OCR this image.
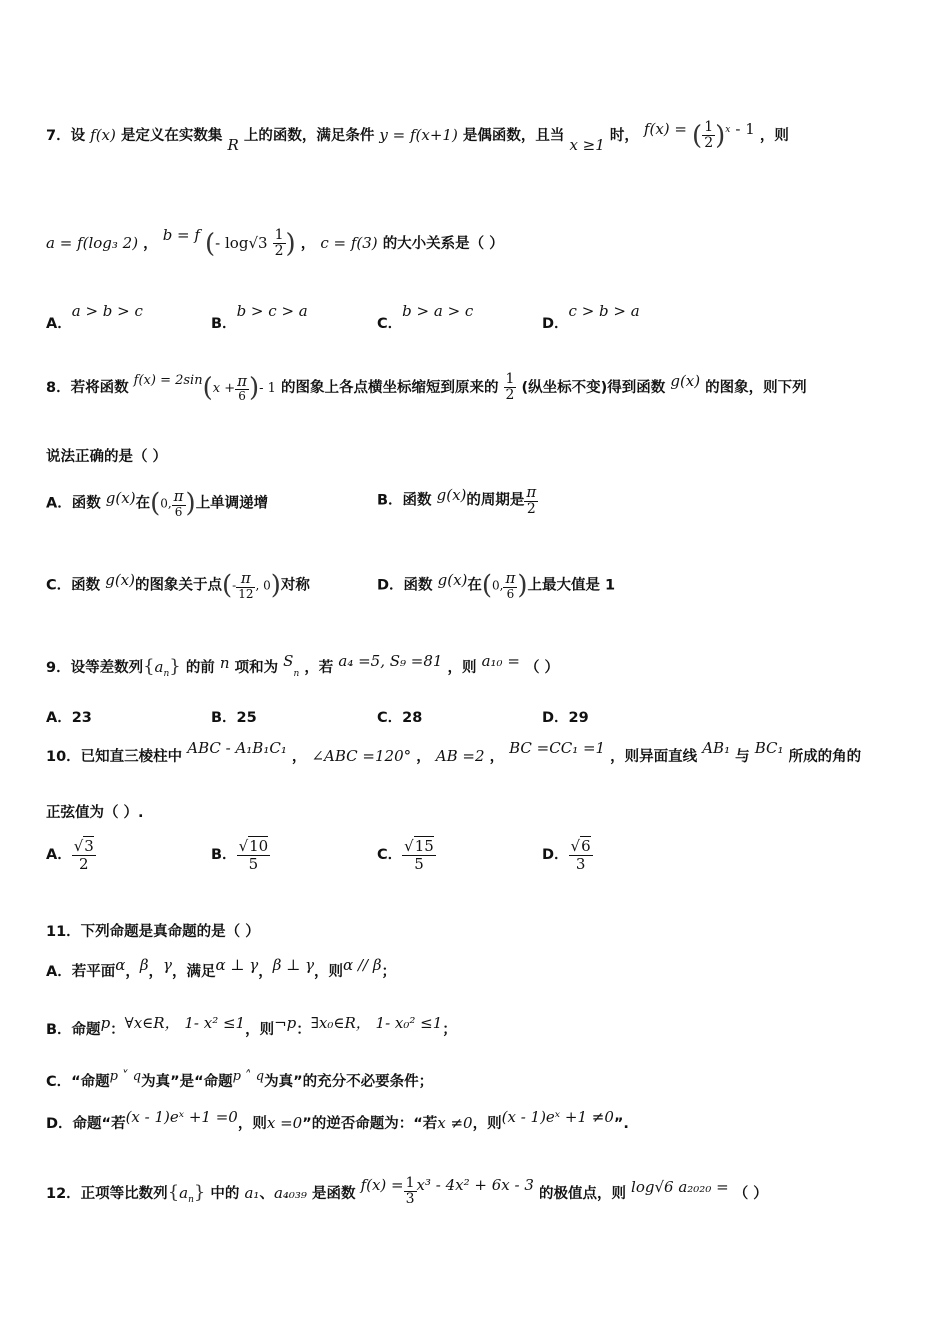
7．设 f(x) 是定义在实数集 R 上的函数，满足条件 y = f(x+1) 是偶函数，且当 x ≥1 时， f(x) = ( $\frac{1}{2} )^x - 1$ ，则
a = f(log₃ 2) ， b = f (- $\log√3 \frac{1}{2}$ ) ， c = f(3) 的大小关系是（ ）
A．a > b > c
B．b > c > a
C．b > a > c
D．c > b > a
8．若将函数 $f(x) = 2\sin(x + \frac{\pi}{6}$ )- 1 的图象上各点横坐标缩短到原来的 $\frac{1}{2}$ (纵坐标不变)得到函数 g(x) 的图象，则下列
说法正确的是（ ）
A．函数 g(x)在(0, $\frac{\pi}{6}$ )上单调递增	B．函数 g(x)的周期是 $\frac{\pi}{2}$
C．函数 g(x)的图象关于点(- $\frac{\pi}{12}$ , 0)对称	D．函数 g(x)在(0, $\frac{\pi}{6}$ )上最大值是 1
9．设等差数列$\{a_n\}$ 的前 n 项和为 $S_n$ ，若 a₄ =5, S₉ =81 ，则 a₁₀ = （ ）
A．23	B．25	C．28	D．29
10．已知直三棱柱中 ABC - A₁B₁C₁ ， ∠ABC =120° ， AB =2 ， BC =CC₁ =1 ，则异面直线 AB₁ 与 BC₁ 所成的角的
正弦值为（ ）.
A． $\frac{√3}{2}$	B． $\frac{√10}{5}$	C． $\frac{√15}{5}$	D． $\frac{√6}{3}$
11．下列命题是真命题的是（ ）
A．若平面α，β，γ，满足α ⊥ γ，β ⊥ γ，则α // β；
B．命题p：∀x∈R， 1- x² ≤1，则¬p：∃x₀∈R， 1- x₀² ≤1；
C．“命题p ˅ q为真”是“命题p ˄ q为真”的充分不必要条件；
D．命题“若(x - 1)eˣ +1 =0，则x =0”的逆否命题为：“若x ≠0，则(x - 1)eˣ +1 ≠0”.
12．正项等比数列$\{a_n\}$ 中的 a₁、a₄₀₃₉ 是函数 $f(x) = \frac{1}{3} x^3 - 4x^2 + 6x - 3$ 的极值点，则 log√6 a₂₀₂₀ = （ ）
